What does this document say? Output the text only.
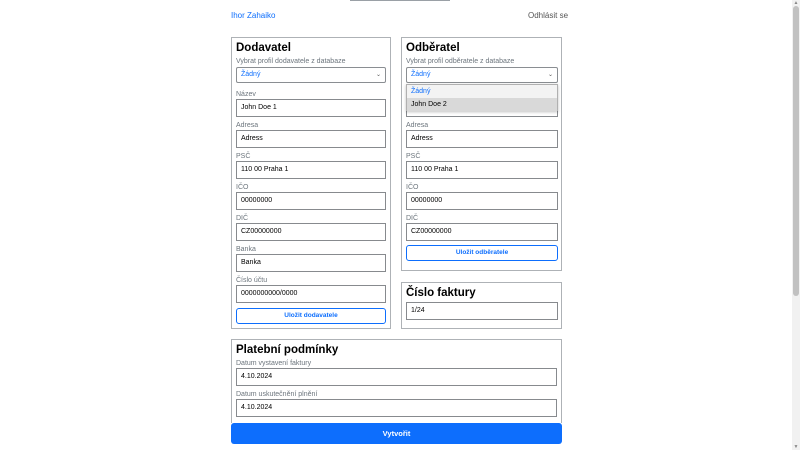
Ihor Zahaiko	Odhlásit se
Dodavatel
Vybrat profil dodavatele z databaze
Žádný	⌄
Název
John Doe 1
Adresa
Adress
PSČ
110 00 Praha 1
IČO
00000000
DIČ
CZ00000000
Banka
Banka
Číslo účtu
0000000000/0000
Uložit dodavatele
Odběratel
Vybrat profil odběratele z databaze
Žádný	⌄
Adresa
Adress
PSČ
110 00 Praha 1
IČO
00000000
DIČ
CZ00000000
Uložit odběratele
Žádný
John Doe 2
Číslo faktury
1/24
Platební podmínky
Datum vystavení faktury
4.10.2024
Datum uskutečnění plnění
4.10.2024
Vytvořit
▲
▼
